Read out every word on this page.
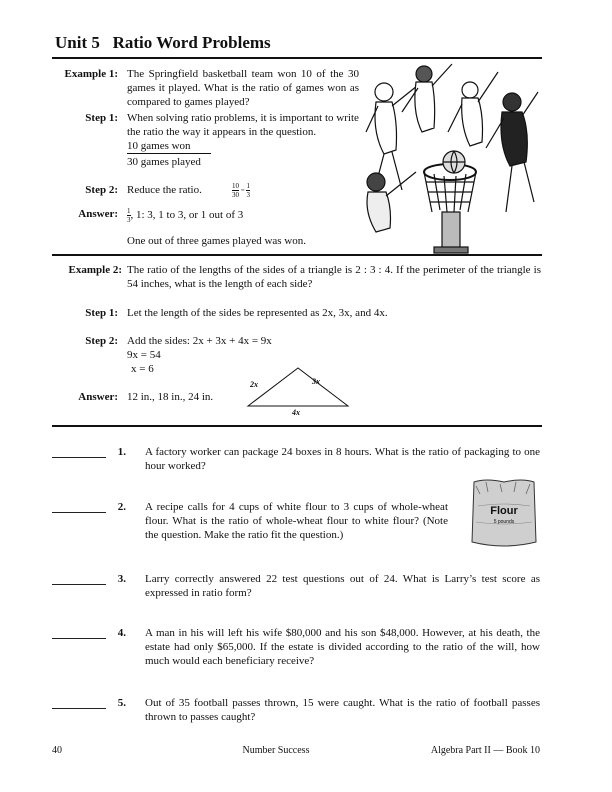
Unit 5   Ratio Word Problems
Example 1: The Springfield basketball team won 10 of the 30 games it played. What is the ratio of games won as compared to games played?
Step 1: When solving ratio problems, it is important to write the ratio the way it appears in the question.
10 games won
30 games played
Step 2: Reduce the ratio.	$\frac{10}{30} = \frac{1}{3}$
Answer: $\frac{1}{3}$ , 1: 3, 1 to 3, or 1 out of 3
One out of three games played was won.
Example 2: The ratio of the lengths of the sides of a triangle is 2 : 3 : 4. If the perimeter of the triangle is 54 inches, what is the length of each side?
Step 1: Let the length of the sides be represented as 2x, 3x, and 4x.
Step 2: Add the sides: 2x + 3x + 4x = 9x
9x = 54
x = 6
Answer: 12 in., 18 in., 24 in.
2x	3x
4x
1. A factory worker can package 24 boxes in 8 hours. What is the ratio of packaging to one hour worked?
2. A recipe calls for 4 cups of white flour to 3 cups of whole-wheat flour. What is the ratio of whole-wheat flour to white flour? (Note the question. Make the ratio fit the question.)
Flour
5 pounds
3. Larry correctly answered 22 test questions out of 24. What is Larry’s test score as expressed in ratio form?
4. A man in his will left his wife $80,000 and his son $48,000. However, at his death, the estate had only $65,000. If the estate is divided according to the ratio of the will, how much would each beneficiary receive?
5. Out of 35 football passes thrown, 15 were caught. What is the ratio of football passes thrown to passes caught?
40	Number Success	Algebra Part II — Book 10
